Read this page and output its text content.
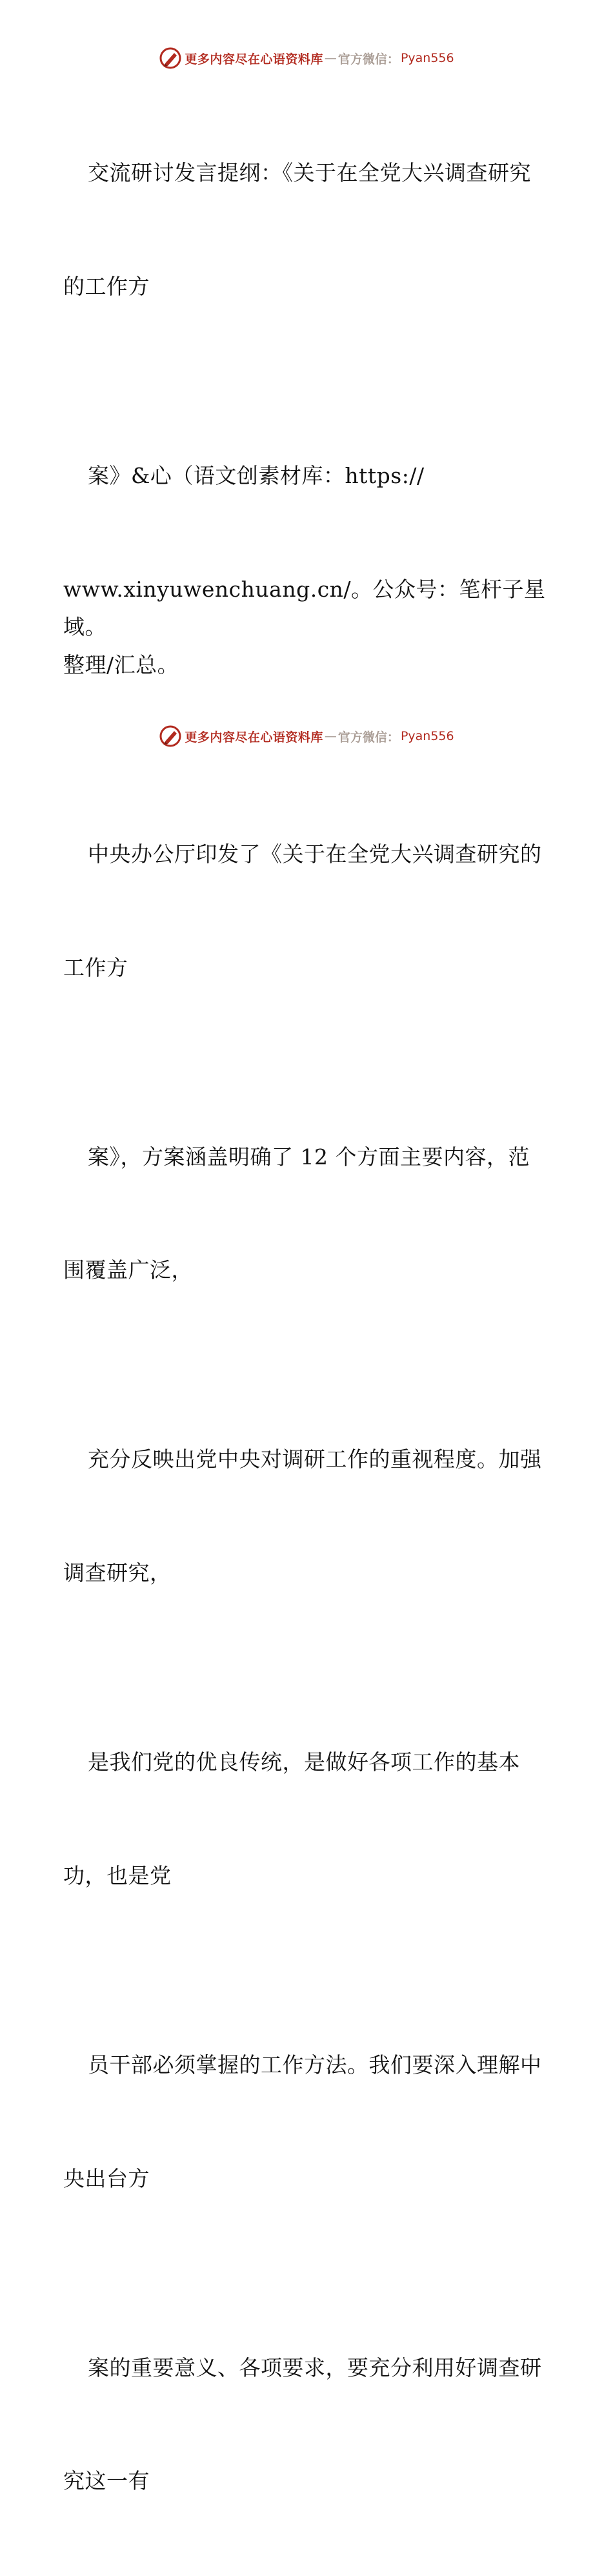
更多内容尽在心语资料库 — 官方微信： Pyan556

交流研讨发言提纲：《关于在全党大兴调查研究

的工作方

案》&心（语文创素材库：https://

www.xinyuwenchuang.cn/。公众号：笔杆子星域。
整理/汇总。

中央办公厅印发了《关于在全党大兴调查研究的

工作方

案》，方案涵盖明确了 12 个方面主要内容，范

围覆盖广泛，

充分反映出党中央对调研工作的重视程度。加强

调查研究，

是我们党的优良传统，是做好各项工作的基本

功，也是党

员干部必须掌握的工作方法。我们要深入理解中

央出台方

案的重要意义、各项要求，要充分利用好调查研

究这一有

更多内容尽在心语资料库 — 官方微信： Pyan556
